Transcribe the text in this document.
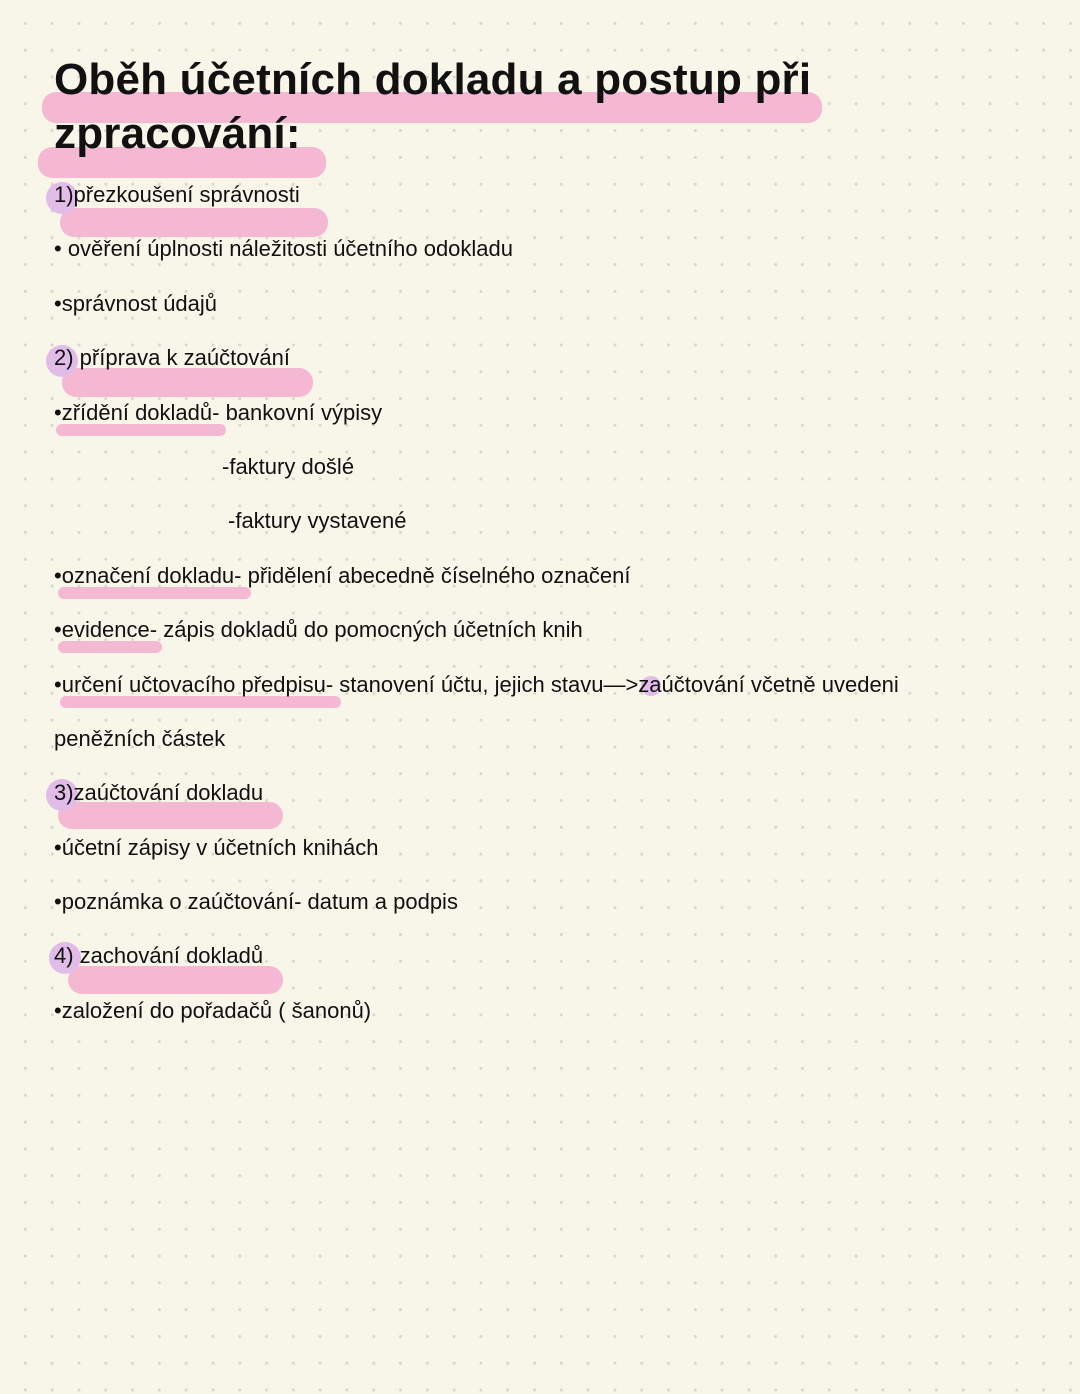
Oběh účetních dokladu a postup při
zpracování:

1)přezkoušení správnosti

• ověření úplnosti náležitosti účetního odokladu

•správnost údajů

2) příprava k zaúčtování

•zřídění dokladů- bankovní výpisy

-faktury došlé

-faktury vystavené

•označení dokladu- přidělení abecedně číselného označení

•evidence- zápis dokladů do pomocných účetních knih

•určení učtovacího předpisu- stanovení účtu, jejich stavu—>zaúčtování včetně uvedeni

peněžních částek

3)zaúčtování dokladu

•účetní zápisy v účetních knihách

•poznámka o zaúčtování- datum a podpis

4) zachování dokladů

•založení do pořadačů ( šanonů)
